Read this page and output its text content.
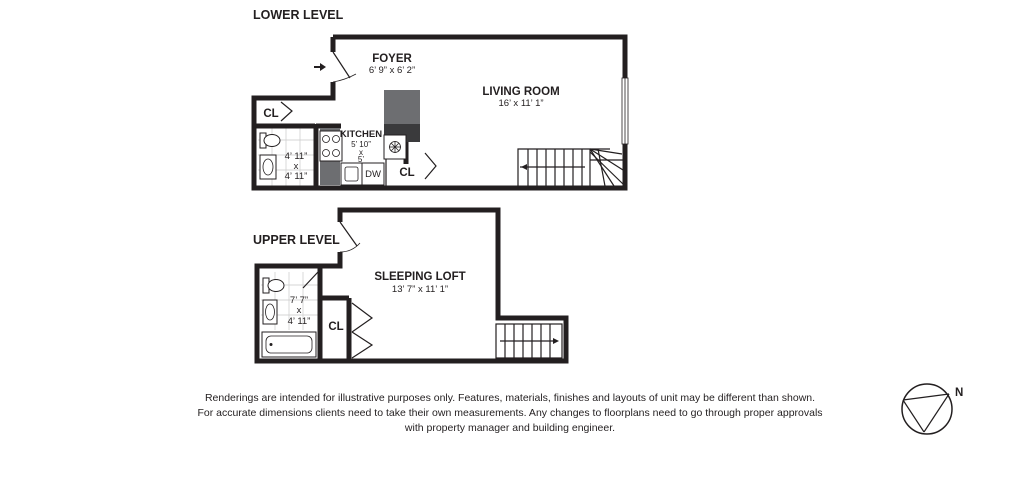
LOWER LEVEL
FOYER
6’ 9” x 6’ 2”
LIVING ROOM
16’ x 11’ 1”
KITCHEN
5’ 10”
x
5’
4’ 11”
x
4’ 11”
CL
CL
DW
UPPER LEVEL
SLEEPING LOFT
13’ 7” x 11’ 1”
7’ 7”
x
4’ 11” CL
N
Renderings are intended for illustrative purposes only. Features, materials, finishes and layouts of unit may be different than shown.
For accurate dimensions clients need to take their own measurements. Any changes to floorplans need to go through proper approvals
with property manager and building engineer.
